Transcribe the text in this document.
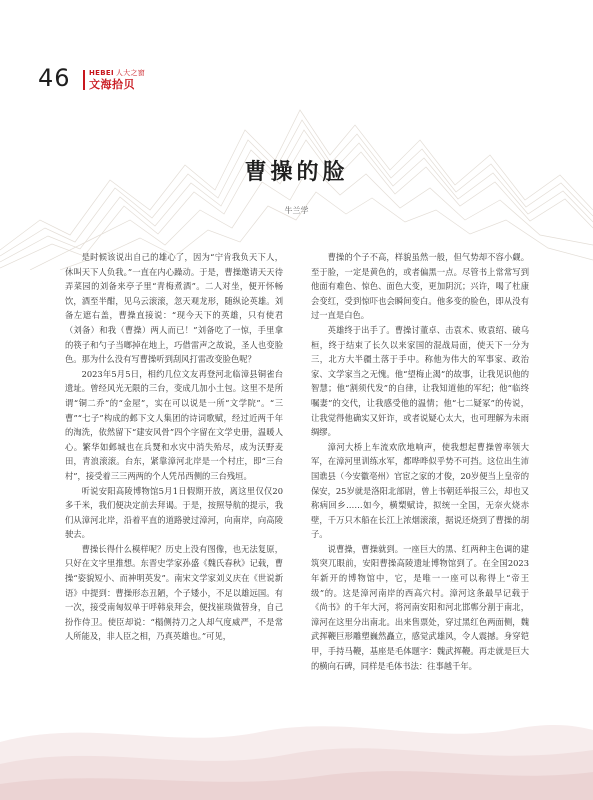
46	HEBEI 人大之窗
文海拾贝
曹操的脸
牛兰学

是时候该说出自己的雄心了，因为“宁肯我负天下人，休叫天下人负我。”一直在内心躁动。于是，曹操邀请天天待弄菜园的刘备来亭子里“青梅煮酒”。二人对坐，便开怀畅饮，酒至半酣，见乌云滚滚，忽天观龙形，随纵论英雄。刘备左遮右盖，曹操直接说：“现今天下的英雄，只有使君（刘备）和我（曹操）两人而已！”刘备吃了一惊，手里拿的筷子和勺子当啷掉在地上，巧借雷声之故说，圣人也变脸色。那为什么没有写曹操听到刮风打雷改变脸色呢？

2023年5月5日，相约几位文友再登河北临漳县铜雀台遗址。曾经风光无限的三台，变成几加小土包。这里不是所谓“铜二乔”的“金屋”，实在可以说是一所“文学院”。“三曹”“七子”构成的邺下文人集团的诗词歌赋，经过近两千年的淘洗，依然留下“建安风骨”四个字留在文学史册，温暖人心。繁华如邺城也在兵燹和水灾中消失殆尽，成为沃野麦田，青浪滚滚。台东，紧靠漳河北岸是一个村庄，即“三台村”，接受着三三两两的个人凭吊西侧的三台残垣。

听说安阳高陵博物馆5月1日假期开放，离这里仅仅20多千米，我们便决定前去拜谒。于是，按照导航的提示，我们从漳河北岸，沿着平直的道路驶过漳河，向南岸，向高陵驶去。

曹操长得什么模样呢？历史上没有图像，也无法复原，只好在文字里推想。东晋史学家孙盛《魏氏春秋》记载，曹操“姿貌短小、而神明英发”。南宋文学家刘义庆在《世说新语》中提到：曹操形态丑陋，个子矮小，不足以雄远国。有一次，接受南匈奴单于呼韩泉拜会，便找崔琰做替身，自己扮作侍卫。使臣却说：“榻侧持刀之人却气度威严，不是常人所能及，非人臣之相，乃真英雄也。”可见，

曹操的个子不高，样貌虽然一般，但气势却不容小觑。至于脸，一定是黄色的，或者偏黑一点。尽管书上常常写到他面有难色、惊色、面色大变，更加阴沉；兴许，喝了杜康会变红，受到惊吓也会瞬间变白。他多变的脸色，即从没有过一直是白色。

英雄终于出手了。曹操讨董卓、击袁术、败袁绍、破乌桓，终于结束了长久以来家国的混战局面，使天下一分为三，北方大半疆土落于手中。称他为伟大的军事家、政治家、文学家当之无愧。他“望梅止渴”的故事，让我见识他的智慧；他“割须代发”的自律，让我知道他的军纪；他“临终嘱妻”的交代，让我感受他的温情；他“七二疑冢”的传说，让我觉得他确实又奸诈，或者说疑心太大，也可理解为未雨绸缪。

漳河大桥上车流欢欣地响声，使我想起曹操曾率领大军，在漳河里训练水军，都哗哗似乎势不可挡。这位出生沛国谯县（今安徽亳州）官宦之家的才俊，20岁便当上皇帝的保安，25岁就是洛阳北部尉，曾上书朝廷举报三公，却也又称病回乡……如今，横槊赋诗，拟统一全国，无奈火烧赤壁，千万只木船在长江上浓烟滚滚，据说还烧到了曹操的胡子。

说曹操，曹操就到。一座巨大的黑、红两种主色调的建筑突兀眼前，安阳曹操高陵遗址博物馆到了。在全国2023年新开的博物馆中，它，是唯一一座可以称得上“帝王级”的。这是漳河南岸的西高穴村。漳河这条最早记载于《尚书》的千年大河，将河南安阳和河北邯郸分割于南北，漳河在这里分出南北。出来售票处，穿过黑红色两面侧，魏武挥鞭巨形雕塑巍然矗立，感觉武雄风，令人震撼。身穿铠甲，手持马鞭，基座是毛体题字：魏武挥鞭。再走就是巨大的横向石碑，同样是毛体书法：往事越千年。
